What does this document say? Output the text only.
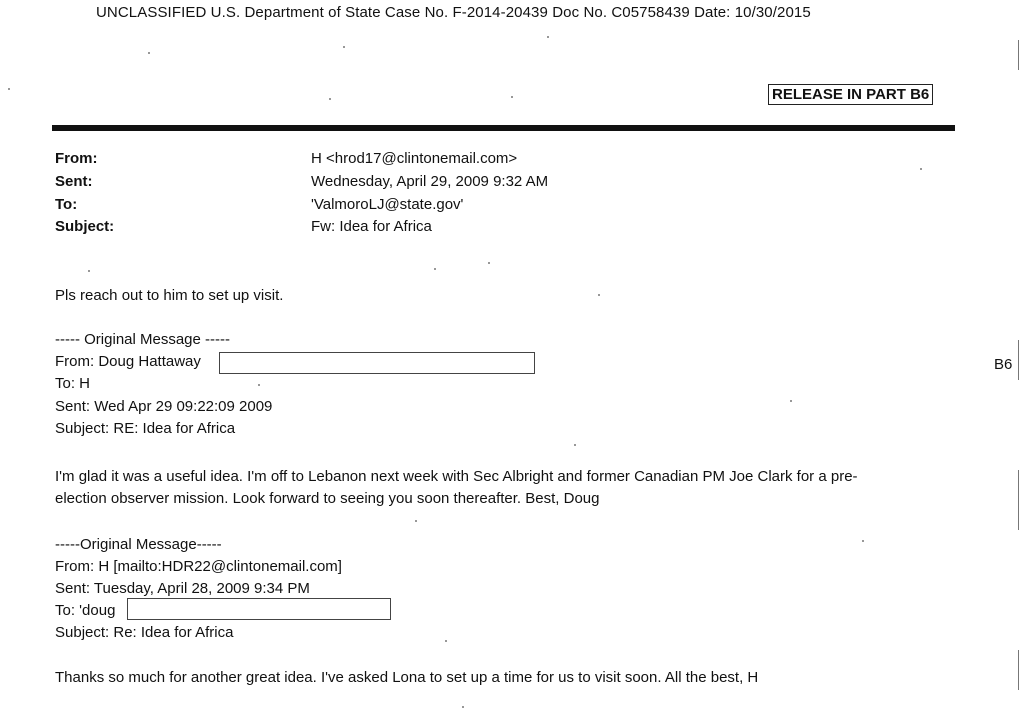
UNCLASSIFIED U.S. Department of State Case No. F-2014-20439 Doc No. C05758439 Date: 10/30/2015
RELEASE IN PART B6
From:	H <hrod17@clintonemail.com>
Sent:	Wednesday, April 29, 2009 9:32 AM
To:	'ValmoroLJ@state.gov'
Subject:	Fw: Idea for Africa
Pls reach out to him to set up visit.
----- Original Message -----
From: Doug Hattaway
To: H
Sent: Wed Apr 29 09:22:09 2009
Subject: RE: Idea for Africa
I'm glad it was a useful idea. I'm off to Lebanon next week with Sec Albright and former Canadian PM Joe Clark for a pre-
election observer mission. Look forward to seeing you soon thereafter. Best, Doug
-----Original Message-----
From: H [mailto:HDR22@clintonemail.com]
Sent: Tuesday, April 28, 2009 9:34 PM
To: 'doug
Subject: Re: Idea for Africa
Thanks so much for another great idea. I've asked Lona to set up a time for us to visit soon. All the best, H
B6
